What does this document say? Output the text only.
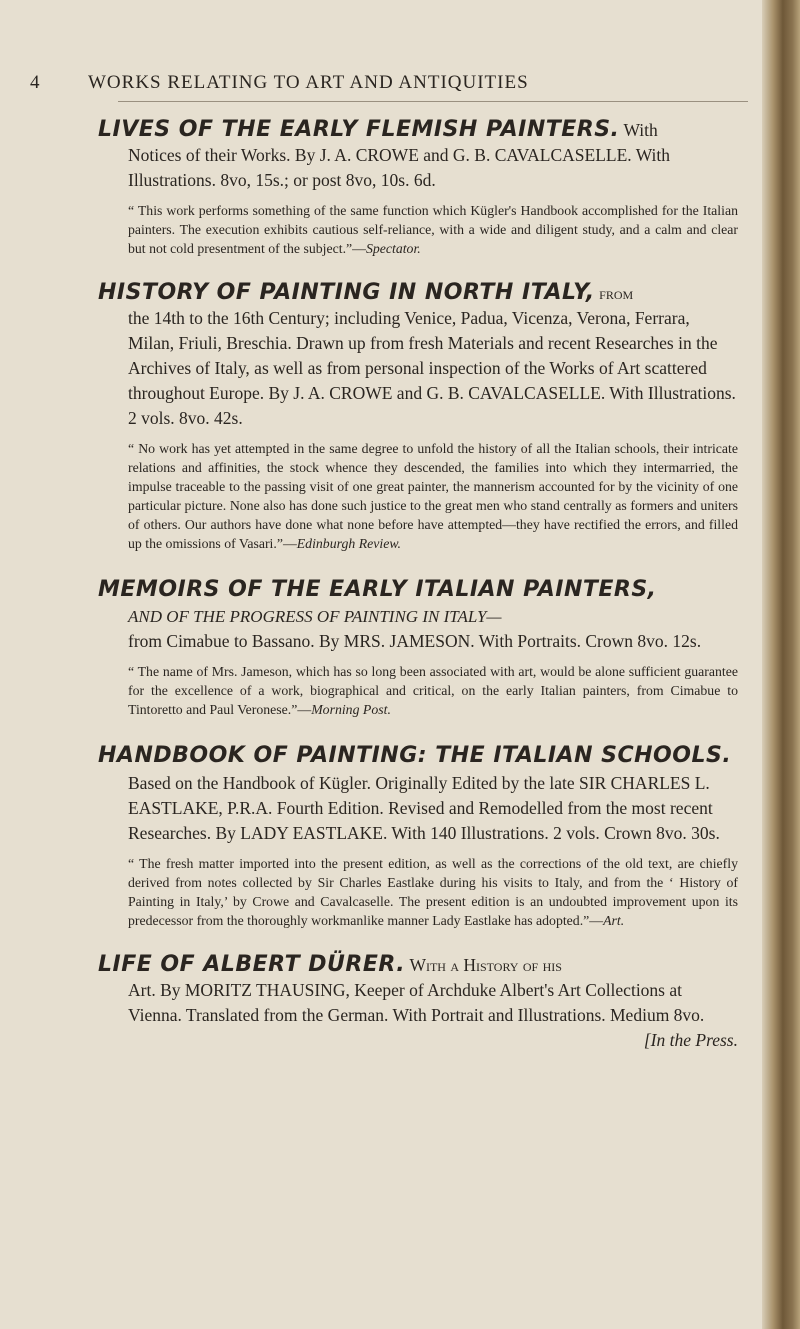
4	WORKS RELATING TO ART AND ANTIQUITIES

LIVES OF THE EARLY FLEMISH PAINTERS. With

Notices of their Works. By J. A. CROWE and G. B. CAVALCASELLE. With Illustrations. 8vo, 15s.; or post 8vo, 10s. 6d.

“ This work performs something of the same function which Kügler's Handbook accomplished for the Italian painters. The execution exhibits cautious self-reliance, with a wide and diligent study, and a calm and clear but not cold presentment of the subject.”—Spectator.

HISTORY OF PAINTING IN NORTH ITALY, from

the 14th to the 16th Century; including Venice, Padua, Vicenza, Verona, Ferrara, Milan, Friuli, Breschia. Drawn up from fresh Materials and recent Researches in the Archives of Italy, as well as from personal inspection of the Works of Art scattered throughout Europe. By J. A. CROWE and G. B. CAVALCASELLE. With Illustrations. 2 vols. 8vo. 42s.

“ No work has yet attempted in the same degree to unfold the history of all the Italian schools, their intricate relations and affinities, the stock whence they descended, the families into which they intermarried, the impulse traceable to the passing visit of one great painter, the mannerism accounted for by the vicinity of one particular picture. None also has done such justice to the great men who stand centrally as formers and uniters of others. Our authors have done what none before have attempted—they have rectified the errors, and filled up the omissions of Vasari.”—Edinburgh Review.

MEMOIRS OF THE EARLY ITALIAN PAINTERS,

AND OF THE PROGRESS OF PAINTING IN ITALY—

from Cimabue to Bassano. By MRS. JAMESON. With Portraits. Crown 8vo. 12s.

“ The name of Mrs. Jameson, which has so long been associated with art, would be alone sufficient guarantee for the excellence of a work, biographical and critical, on the early Italian painters, from Cimabue to Tintoretto and Paul Veronese.”—Morning Post.

HANDBOOK OF PAINTING: THE ITALIAN SCHOOLS.

Based on the Handbook of Kügler. Originally Edited by the late SIR CHARLES L. EASTLAKE, P.R.A. Fourth Edition. Revised and Remodelled from the most recent Researches. By LADY EASTLAKE. With 140 Illustrations. 2 vols. Crown 8vo. 30s.

“ The fresh matter imported into the present edition, as well as the corrections of the old text, are chiefly derived from notes collected by Sir Charles Eastlake during his visits to Italy, and from the ‘ History of Painting in Italy,’ by Crowe and Cavalcaselle. The present edition is an undoubted improvement upon its predecessor from the thoroughly workmanlike manner Lady Eastlake has adopted.”—Art.

LIFE OF ALBERT DÜRER. With a History of his

Art. By MORITZ THAUSING, Keeper of Archduke Albert's Art Collections at Vienna. Translated from the German. With Portrait and Illustrations. Medium 8vo.
[In the Press.
